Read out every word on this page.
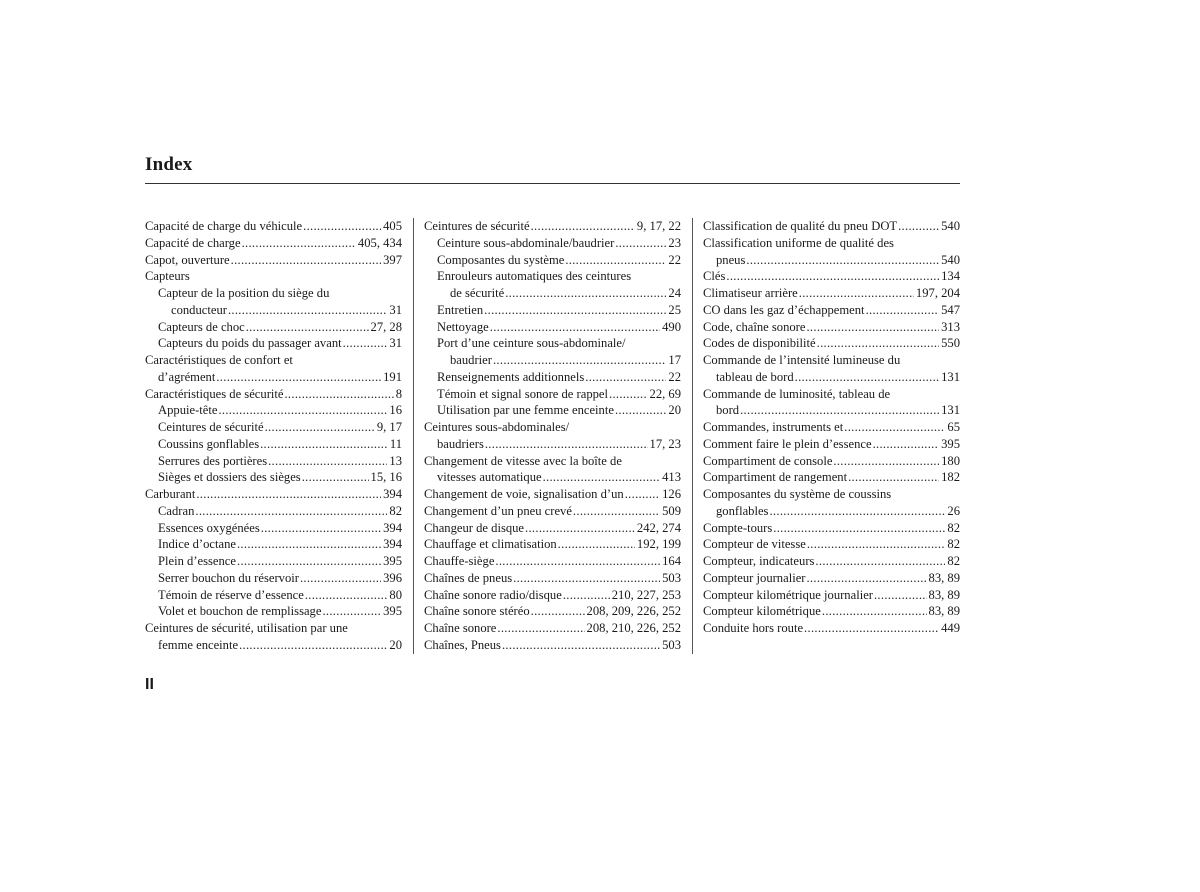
Index
Capacité de charge du véhicule .....	405
Capacité de charge .....	405, 434
Capot, ouverture .....	397
Capteurs
Capteur de la position du siège du
conducteur .....	31
Capteurs de choc .....	27, 28
Capteurs du poids du passager avant .....	31
Caractéristiques de confort et
d’agrément .....	191
Caractéristiques de sécurité .....	8
Appuie-tête .....	16
Ceintures de sécurité .....	9, 17
Coussins gonflables .....	11
Serrures des portières .....	13
Sièges et dossiers des sièges .....	15, 16
Carburant .....	394
Cadran .....	82
Essences oxygénées .....	394
Indice d’octane .....	394
Plein d’essence .....	395
Serrer bouchon du réservoir .....	396
Témoin de réserve d’essence .....	80
Volet et bouchon de remplissage .....	395
Ceintures de sécurité, utilisation par une
femme enceinte .....	20
Ceintures de sécurité .....	9, 17, 22
Ceinture sous-abdominale/baudrier .....	23
Composantes du système .....	22
Enrouleurs automatiques des ceintures
de sécurité .....	24
Entretien .....	25
Nettoyage .....	490
Port d’une ceinture sous-abdominale/
baudrier .....	17
Renseignements additionnels .....	22
Témoin et signal sonore de rappel .....	22, 69
Utilisation par une femme enceinte .....	20
Ceintures sous-abdominales/
baudriers .....	17, 23
Changement de vitesse avec la boîte de
vitesses automatique .....	413
Changement de voie, signalisation d’un .....	126
Changement d’un pneu crevé .....	509
Changeur de disque .....	242, 274
Chauffage et climatisation .....	192, 199
Chauffe-siège .....	164
Chaînes de pneus .....	503
Chaîne sonore radio/disque .....	210, 227, 253
Chaîne sonore stéréo .....	208, 209, 226, 252
Chaîne sonore .....	208, 210, 226, 252
Chaînes, Pneus .....	503
Classification de qualité du pneu DOT .....	540
Classification uniforme de qualité des
pneus .....	540
Clés .....	134
Climatiseur arrière .....	197, 204
CO dans les gaz d’échappement .....	547
Code, chaîne sonore .....	313
Codes de disponibilité .....	550
Commande de l’intensité lumineuse du
tableau de bord .....	131
Commande de luminosité, tableau de
bord .....	131
Commandes, instruments et .....	65
Comment faire le plein d’essence .....	395
Compartiment de console .....	180
Compartiment de rangement .....	182
Composantes du système de coussins
gonflables .....	26
Compte-tours .....	82
Compteur de vitesse .....	82
Compteur, indicateurs .....	82
Compteur journalier .....	83, 89
Compteur kilométrique journalier .....	83, 89
Compteur kilométrique .....	83, 89
Conduite hors route .....	449
II
